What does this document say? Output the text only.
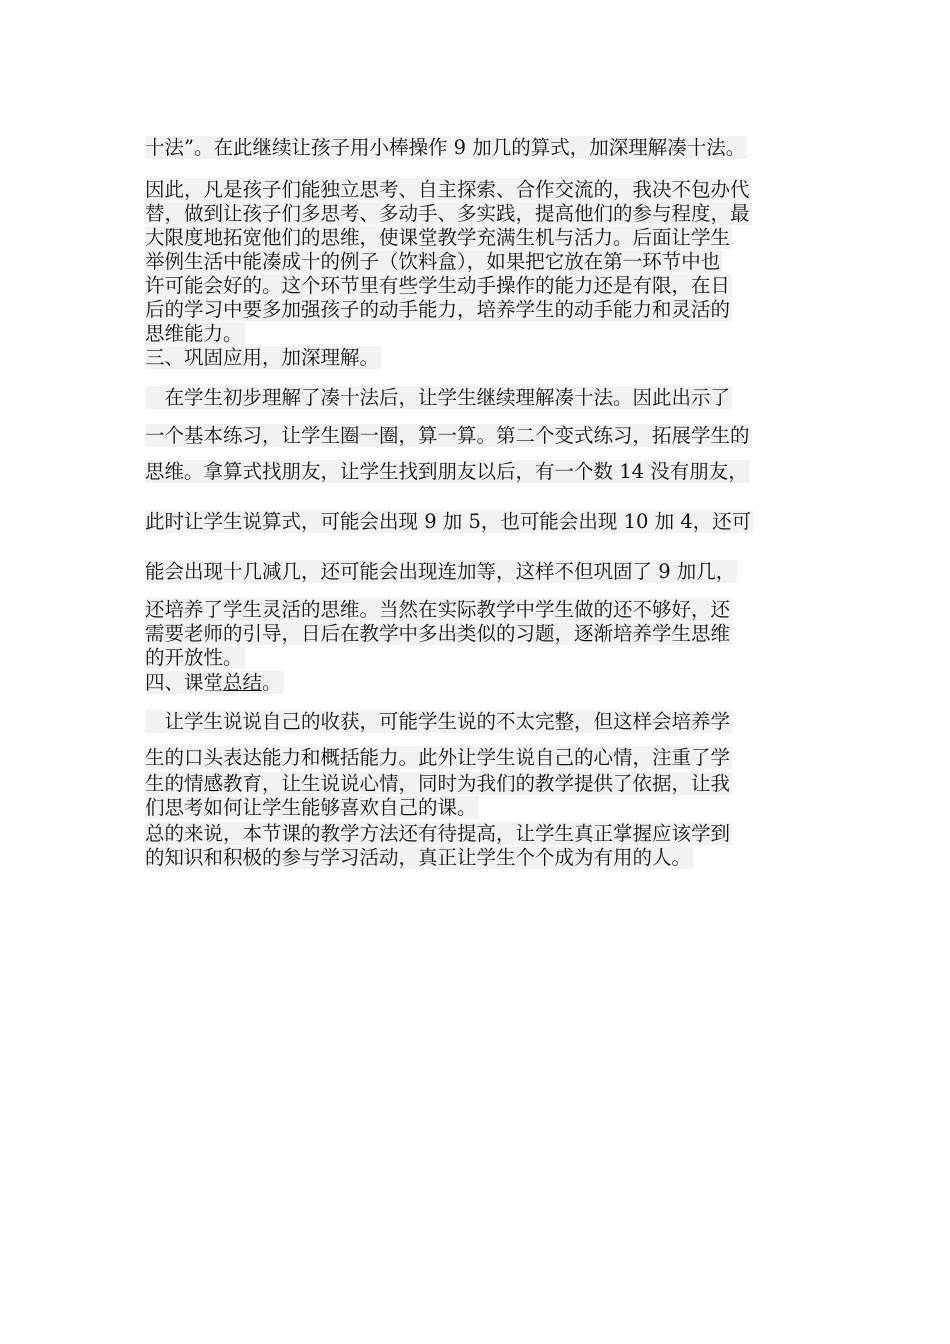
十法”。在此继续让孩子用小棒操作 9 加几的算式，加深理解凑十法。
因此，凡是孩子们能独立思考、自主探索、合作交流的，我决不包办代
替，做到让孩子们多思考、多动手、多实践，提高他们的参与程度，最
大限度地拓宽他们的思维，使课堂教学充满生机与活力。后面让学生
举例生活中能凑成十的例子（饮料盒），如果把它放在第一环节中也
许可能会好的。这个环节里有些学生动手操作的能力还是有限，在日
后的学习中要多加强孩子的动手能力，培养学生的动手能力和灵活的
思维能力。
三、巩固应用，加深理解。
　在学生初步理解了凑十法后，让学生继续理解凑十法。因此出示了
一个基本练习，让学生圈一圈，算一算。第二个变式练习，拓展学生的
思维。拿算式找朋友，让学生找到朋友以后，有一个数 14 没有朋友，
此时让学生说算式，可能会出现 9 加 5，也可能会出现 10 加 4，还可
能会出现十几减几，还可能会出现连加等，这样不但巩固了 9 加几，
还培养了学生灵活的思维。当然在实际教学中学生做的还不够好，还
需要老师的引导，日后在教学中多出类似的习题，逐渐培养学生思维
的开放性。
四、课堂总结。
　让学生说说自己的收获，可能学生说的不太完整，但这样会培养学
生的口头表达能力和概括能力。此外让学生说自己的心情，注重了学
生的情感教育，让生说说心情，同时为我们的教学提供了依据，让我
们思考如何让学生能够喜欢自己的课。
总的来说，本节课的教学方法还有待提高，让学生真正掌握应该学到
的知识和积极的参与学习活动，真正让学生个个成为有用的人。
